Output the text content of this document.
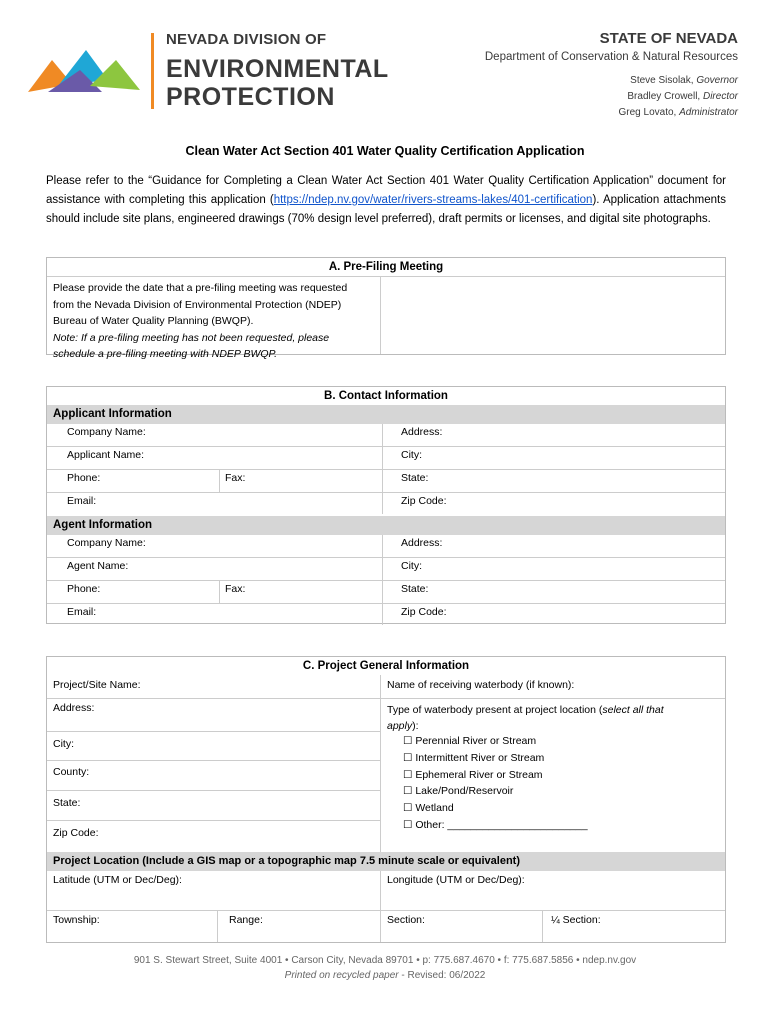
NEVADA DIVISION OF
ENVIRONMENTAL
PROTECTION
STATE OF NEVADA
Department of Conservation & Natural Resources
Steve Sisolak, Governor
Bradley Crowell, Director
Greg Lovato, Administrator
Clean Water Act Section 401 Water Quality Certification Application
Please refer to the “Guidance for Completing a Clean Water Act Section 401 Water Quality Certification Application” document for assistance with completing this application (https://ndep.nv.gov/water/rivers-streams-lakes/401-certification). Application attachments should include site plans, engineered drawings (70% design level preferred), draft permits or licenses, and digital site photographs.
A. Pre-Filing Meeting
Please provide the date that a pre-filing meeting was requested
from the Nevada Division of Environmental Protection (NDEP)
Bureau of Water Quality Planning (BWQP).
Note: If a pre-filing meeting has not been requested, please
schedule a pre-filing meeting with NDEP BWQP.
B. Contact Information
Applicant Information
Company Name:	Address:
Applicant Name:	City:
Phone:	Fax:	State:
Email:	Zip Code:
Agent Information
Company Name:	Address:
Agent Name:	City:
Phone:	Fax:	State:
Email:	Zip Code:
C. Project General Information
Project/Site Name:	Name of receiving waterbody (if known):
Address:	Type of waterbody present at project location (select all that
apply):
City:
County:
State:
Zip Code:
☐ Perennial River or Stream
☐ Intermittent River or Stream
☐ Ephemeral River or Stream
☐ Lake/Pond/Reservoir
☐ Wetland
☐ Other: ________________________
Project Location (Include a GIS map or a topographic map 7.5 minute scale or equivalent)
Latitude (UTM or Dec/Deg):	Longitude (UTM or Dec/Deg):
Township:	Range:	Section:	¼ Section:
901 S. Stewart Street, Suite 4001 • Carson City, Nevada 89701 • p: 775.687.4670 • f: 775.687.5856 • ndep.nv.gov
Printed on recycled paper - Revised: 06/2022
